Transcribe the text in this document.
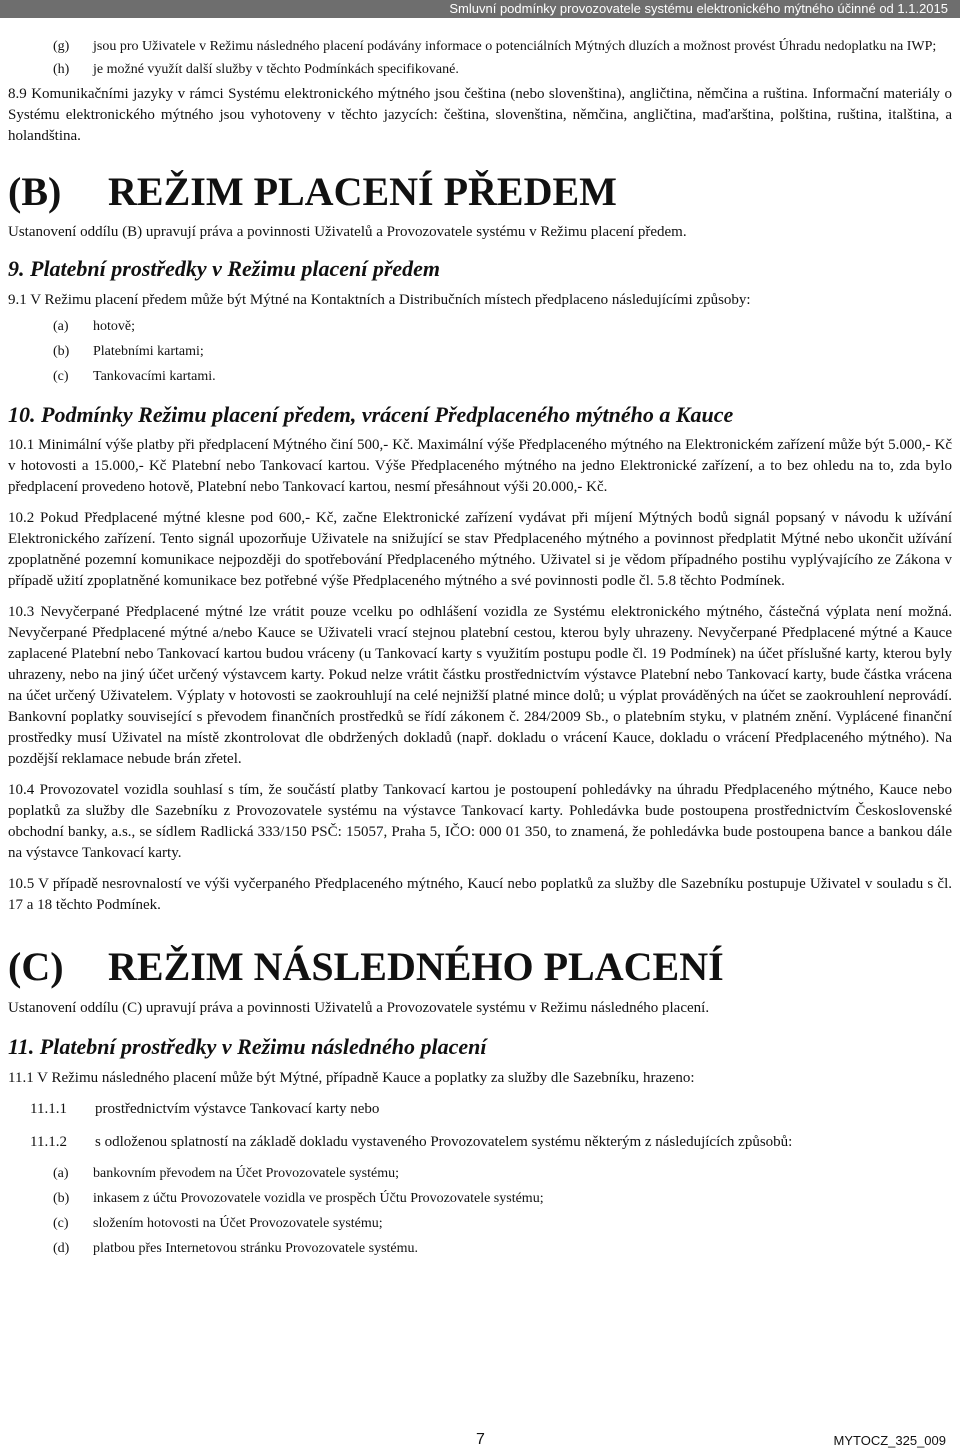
Smluvní podmínky provozovatele systému elektronického mýtného účinné od 1.1.2015
(g)	jsou pro Uživatele v Režimu následného placení podávány informace o potenciálních Mýtných dluzích a možnost provést Úhradu nedoplatku na IWP;
(h)	je možné využít další služby v těchto Podmínkách specifikované.
8.9 Komunikačními jazyky v rámci Systému elektronického mýtného jsou čeština (nebo slovenština), angličtina, němčina a ruština. Informační materiály o Systému elektronického mýtného jsou vyhotoveny v těchto jazycích: čeština, slovenština, němčina, angličtina, maďarština, polština, ruština, italština, a holandština.
(B)	REŽIM PLACENÍ PŘEDEM
Ustanovení oddílu (B) upravují práva a povinnosti Uživatelů a Provozovatele systému v Režimu placení předem.
9. Platební prostředky v Režimu placení předem
9.1 V Režimu placení předem může být Mýtné na Kontaktních a Distribučních místech předplaceno následujícími způsoby:
(a)	hotově;
(b)	Platebními kartami;
(c)	Tankovacími kartami.
10. Podmínky Režimu placení předem, vrácení Předplaceného mýtného a Kauce
10.1 Minimální výše platby při předplacení Mýtného činí 500,- Kč. Maximální výše Předplaceného mýtného na Elektronickém zařízení může být 5.000,- Kč v hotovosti a 15.000,- Kč Platební nebo Tankovací kartou. Výše Předplaceného mýtného na jedno Elektronické zařízení, a to bez ohledu na to, zda bylo předplacení provedeno hotově, Platební nebo Tankovací kartou, nesmí přesáhnout výši 20.000,- Kč.
10.2 Pokud Předplacené mýtné klesne pod 600,- Kč, začne Elektronické zařízení vydávat při míjení Mýtných bodů signál popsaný v návodu k užívání Elektronického zařízení. Tento signál upozorňuje Uživatele na snižující se stav Předplaceného mýtného a povinnost předplatit Mýtné nebo ukončit užívání zpoplatněné pozemní komunikace nejpozději do spotřebování Předplaceného mýtného. Uživatel si je vědom případného postihu vyplývajícího ze Zákona v případě užití zpoplatněné komunikace bez potřebné výše Předplaceného mýtného a své povinnosti podle čl. 5.8 těchto Podmínek.
10.3 Nevyčerpané Předplacené mýtné lze vrátit pouze vcelku po odhlášení vozidla ze Systému elektronického mýtného, částečná výplata není možná. Nevyčerpané Předplacené mýtné a/nebo Kauce se Uživateli vrací stejnou platební cestou, kterou byly uhrazeny. Nevyčerpané Předplacené mýtné a Kauce zaplacené Platební nebo Tankovací kartou budou vráceny (u Tankovací karty s využitím postupu podle čl. 19 Podmínek) na účet příslušné karty, kterou byly uhrazeny, nebo na jiný účet určený výstavcem karty. Pokud nelze vrátit částku prostřednictvím výstavce Platební nebo Tankovací karty, bude částka vrácena na účet určený Uživatelem. Výplaty v hotovosti se zaokrouhlují na celé nejnižší platné mince dolů; u výplat prováděných na účet se zaokrouhlení neprovádí. Bankovní poplatky související s převodem finančních prostředků se řídí zákonem č. 284/2009 Sb., o platebním styku, v platném znění. Vyplácené finanční prostředky musí Uživatel na místě zkontrolovat dle obdržených dokladů (např. dokladu o vrácení Kauce, dokladu o vrácení Předplaceného mýtného). Na pozdější reklamace nebude brán zřetel.
10.4 Provozovatel vozidla souhlasí s tím, že součástí platby Tankovací kartou je postoupení pohledávky na úhradu Předplaceného mýtného, Kauce nebo poplatků za služby dle Sazebníku z Provozovatele systému na výstavce Tankovací karty. Pohledávka bude postoupena prostřednictvím Československé obchodní banky, a.s., se sídlem Radlická 333/150 PSČ: 15057, Praha 5, IČO: 000 01 350, to znamená, že pohledávka bude postoupena bance a bankou dále na výstavce Tankovací karty.
10.5 V případě nesrovnalostí ve výši vyčerpaného Předplaceného mýtného, Kaucí nebo poplatků za služby dle Sazebníku postupuje Uživatel v souladu s čl. 17 a 18 těchto Podmínek.
(C)	REŽIM NÁSLEDNÉHO PLACENÍ
Ustanovení oddílu (C) upravují práva a povinnosti Uživatelů a Provozovatele systému v Režimu následného placení.
11. Platební prostředky v Režimu následného placení
11.1 V Režimu následného placení může být Mýtné, případně Kauce a poplatky za služby dle Sazebníku, hrazeno:
11.1.1	prostřednictvím výstavce Tankovací karty nebo
11.1.2	s odloženou splatností na základě dokladu vystaveného Provozovatelem systému některým z následujících způsobů:
(a)	bankovním převodem na Účet Provozovatele systému;
(b)	inkasem z účtu Provozovatele vozidla ve prospěch Účtu Provozovatele systému;
(c)	složením hotovosti na Účet Provozovatele systému;
(d)	platbou přes Internetovou stránku Provozovatele systému.
7	MYTOCZ_325_009
